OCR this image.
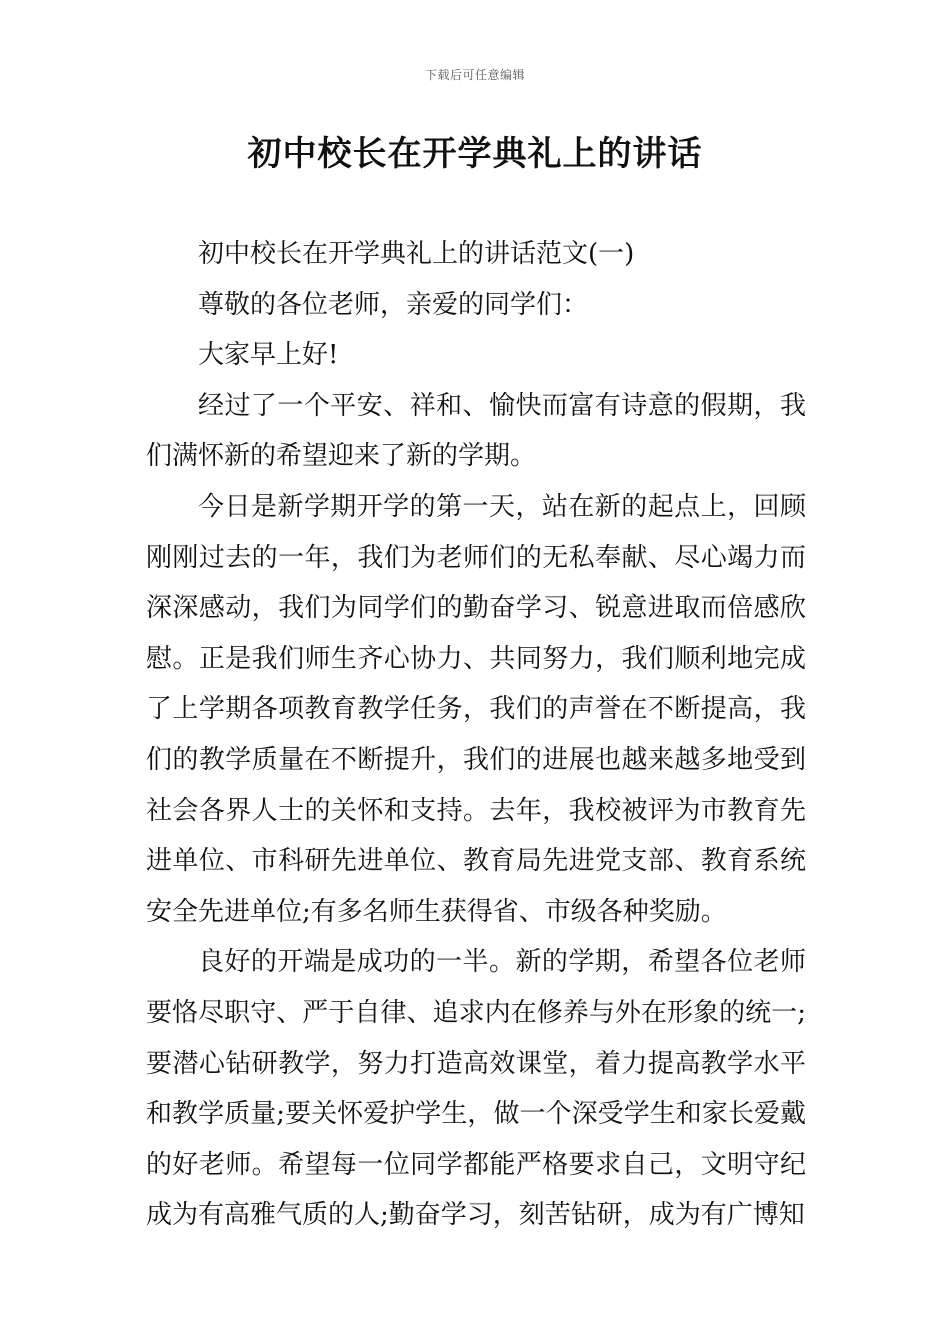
下载后可任意编辑
初中校长在开学典礼上的讲话

初中校长在开学典礼上的讲话范文(一)

尊敬的各位老师，亲爱的同学们：

大家早上好!

经过了一个平安、祥和、愉快而富有诗意的假期，我们满怀新的希望迎来了新的学期。

今日是新学期开学的第一天，站在新的起点上，回顾刚刚过去的一年，我们为老师们的无私奉献、尽心竭力而深深感动，我们为同学们的勤奋学习、锐意进取而倍感欣慰。正是我们师生齐心协力、共同努力，我们顺利地完成了上学期各项教育教学任务，我们的声誉在不断提高，我们的教学质量在不断提升，我们的进展也越来越多地受到社会各界人士的关怀和支持。去年，我校被评为市教育先进单位、市科研先进单位、教育局先进党支部、教育系统安全先进单位;有多名师生获得省、市级各种奖励。

良好的开端是成功的一半。新的学期，希望各位老师要恪尽职守、严于自律、追求内在修养与外在形象的统一;要潜心钻研教学，努力打造高效课堂，着力提高教学水平和教学质量;要关怀爱护学生，做一个深受学生和家长爱戴的好老师。希望每一位同学都能严格要求自己，文明守纪成为有高雅气质的人;勤奋学习，刻苦钻研，成为有广博知
